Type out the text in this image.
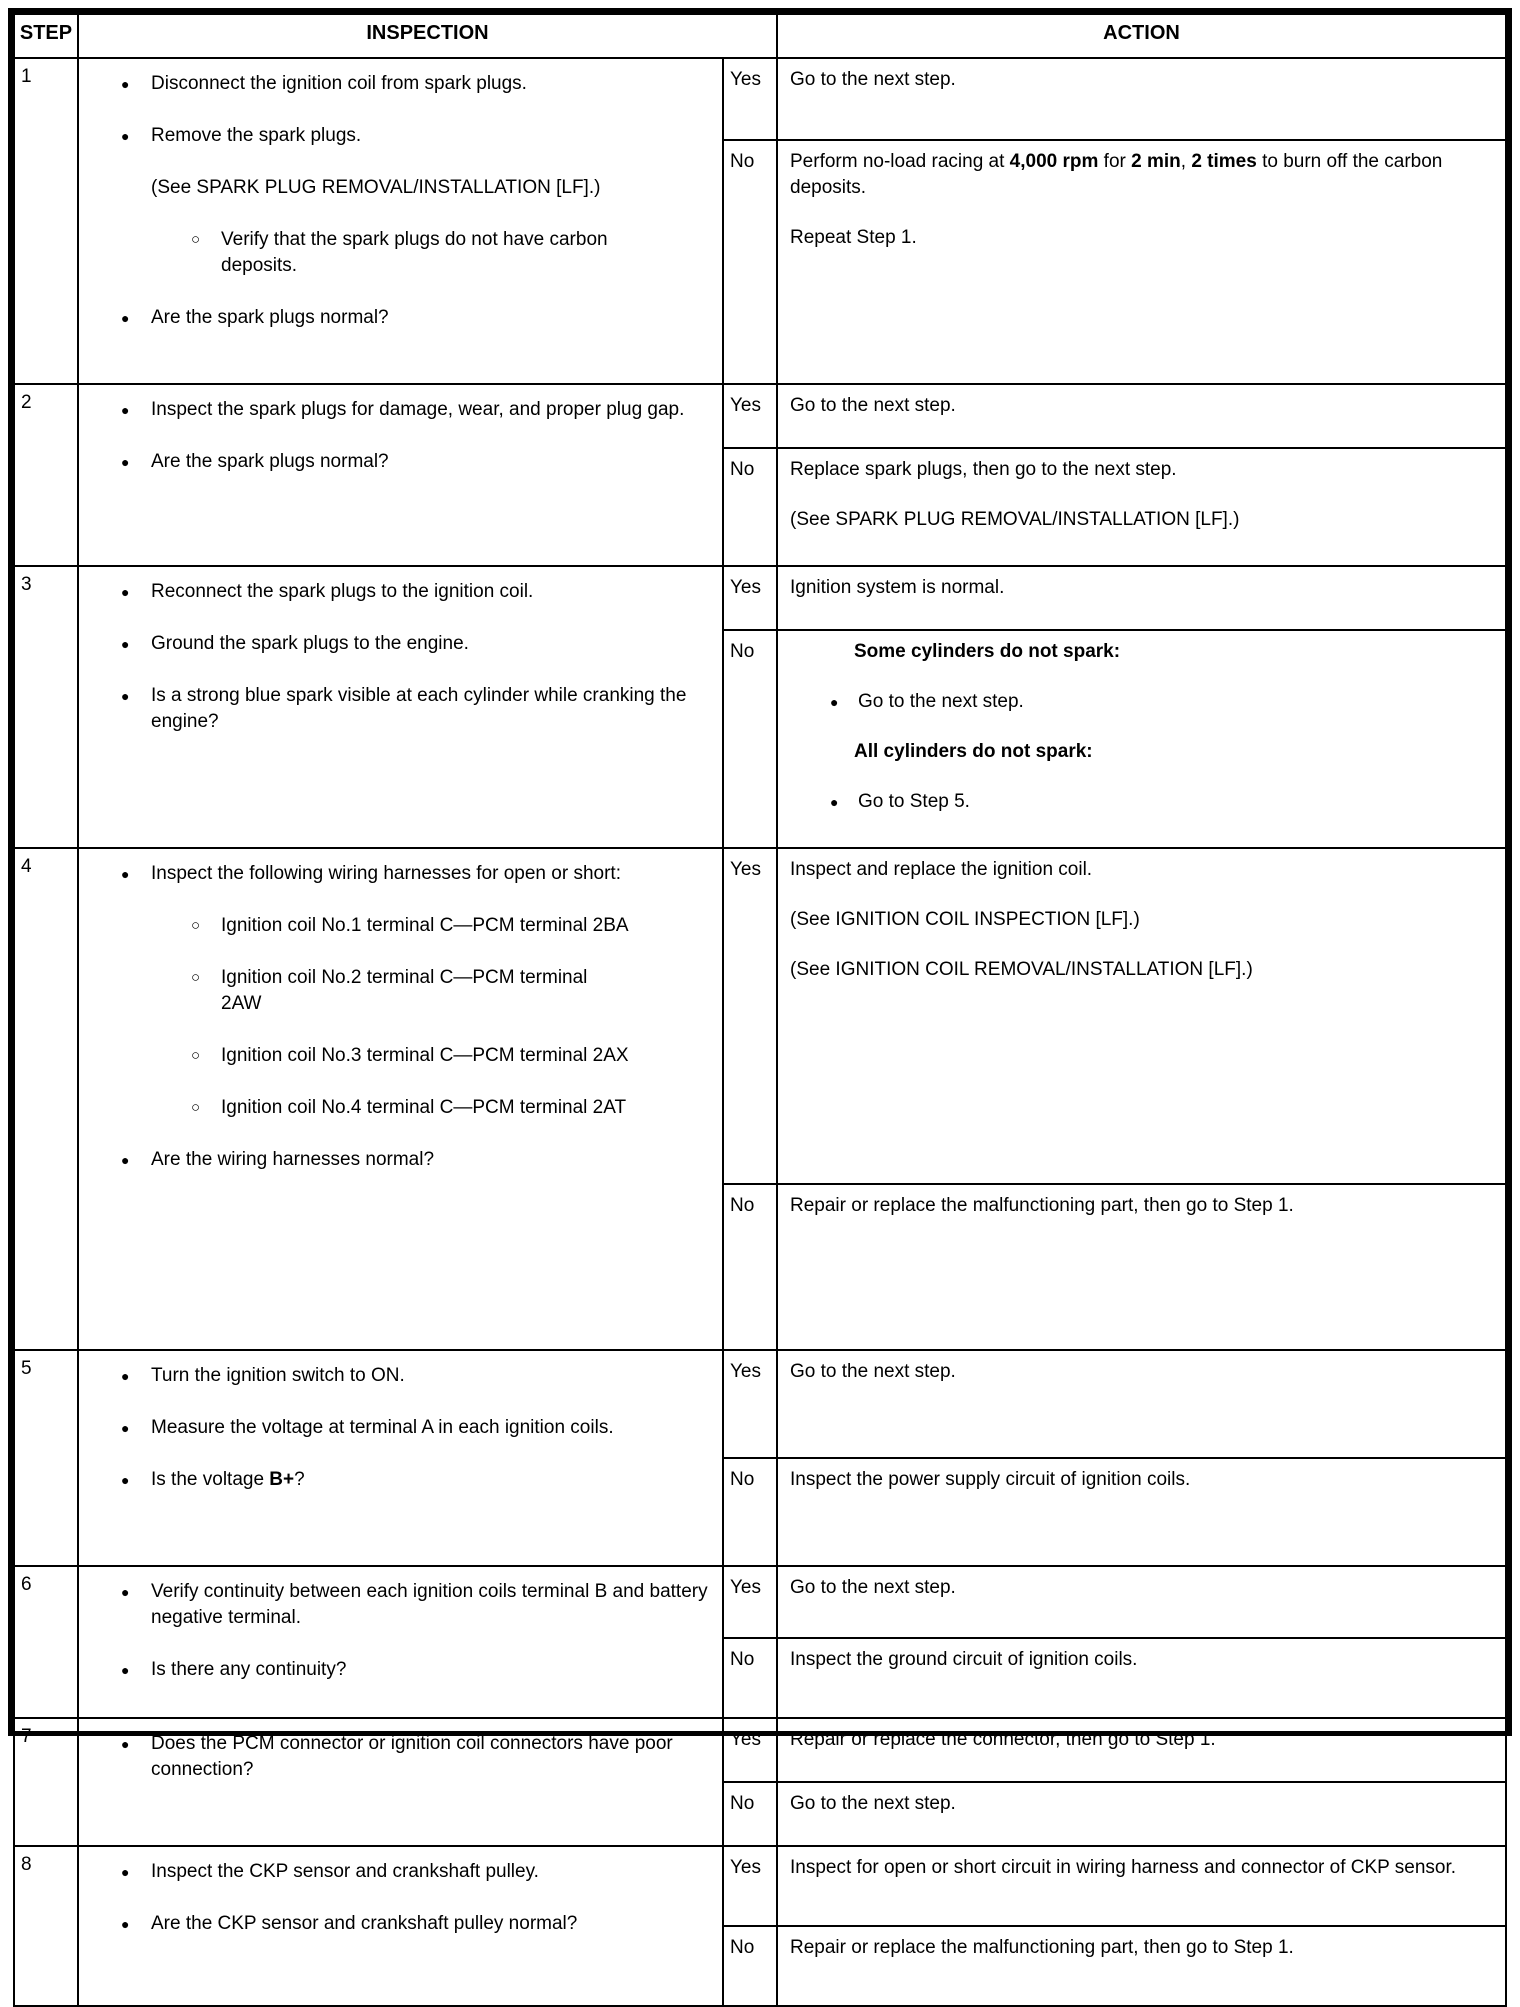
STEP	INSPECTION		ACTION
1	●	Disconnect the ignition coil from spark plugs.
●	Remove the spark plugs.
(See SPARK PLUG REMOVAL/INSTALLATION [LF].)
○	Verify that the spark plugs do not have carbon deposits.
●	Are the spark plugs normal?
	Yes	Go to the next step.

		No	Perform no-load racing at 4,000 rpm for 2 min, 2 times to burn off the carbon deposits.

Repeat Step 1.

2	● Inspect the spark plugs for damage, wear, and proper plug gap.
● Are the spark plugs normal?	Yes	Go to the next step.

		No	Replace spark plugs, then go to the next step.

(See SPARK PLUG REMOVAL/INSTALLATION [LF].)

3	●	Reconnect the spark plugs to the ignition coil.
●	Ground the spark plugs to the engine.
●	Is a strong blue spark visible at each cylinder while cranking the engine?
	Yes	Ignition system is normal.

No	Some cylinders do not spark:

●	Go to the next step.

All cylinders do not spark:

●	Go to Step 5.

4	●	Inspect the following wiring harnesses for open or short:
○	Ignition coil No.1 terminal C—PCM terminal 2BA
○	Ignition coil No.2 terminal C—PCM terminal 2AW
○	Ignition coil No.3 terminal C—PCM terminal 2AX
○	Ignition coil No.4 terminal C—PCM terminal 2AT
●	Are the wiring harnesses normal?
	Yes	Inspect and replace the ignition coil.

(See IGNITION COIL INSPECTION [LF].)

(See IGNITION COIL REMOVAL/INSTALLATION [LF].)

		No	Repair or replace the malfunctioning part, then go to Step 1.

5	●	Turn the ignition switch to ON.
●	Measure the voltage at terminal A in each ignition coils.
●	Is the voltage B+?
	Yes	Go to the next step.

		No	Inspect the power supply circuit of ignition coils.

6	● Verify continuity between each ignition coils terminal B and battery negative terminal.
● Is there any continuity?	Yes	Go to the next step.

		No	Inspect the ground circuit of ignition coils.

7	● Does the PCM connector or ignition coil connectors have poor connection?	Yes	Repair or replace the connector, then go to Step 1.

		No	Go to the next step.

8	● Inspect the CKP sensor and crankshaft pulley.
● Are the CKP sensor and crankshaft pulley normal?	Yes	Inspect for open or short circuit in wiring harness and connector of CKP sensor.

		No	Repair or replace the malfunctioning part, then go to Step 1.
